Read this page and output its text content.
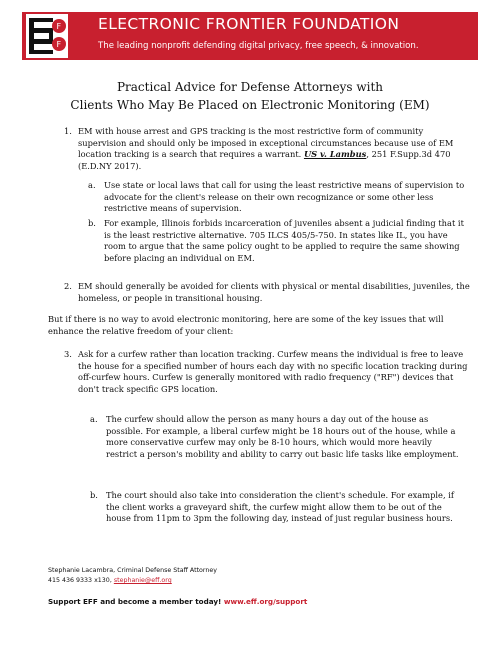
ELECTRONIC FRONTIER FOUNDATION
The leading nonprofit defending digital privacy, free speech, & innovation.
F
F
Practical Advice for Defense Attorneys with
Clients Who May Be Placed on Electronic Monitoring (EM)
1. EM with house arrest and GPS tracking is the most restrictive form of community supervision and should only be imposed in exceptional circumstances because use of EM location tracking is a search that requires a warrant. US v. Lambus, 251 F.Supp.3d 470 (E.D.NY 2017).
a. Use state or local laws that call for using the least restrictive means of supervision to advocate for the client's release on their own recognizance or some other less restrictive means of supervision.
b. For example, Illinois forbids incarceration of juveniles absent a judicial finding that it is the least restrictive alternative. 705 ILCS 405/5-750. In states like IL, you have room to argue that the same policy ought to be applied to require the same showing before placing an individual on EM.
2. EM should generally be avoided for clients with physical or mental disabilities, juveniles, the homeless, or people in transitional housing.
But if there is no way to avoid electronic monitoring, here are some of the key issues that will enhance the relative freedom of your client:
3. Ask for a curfew rather than location tracking. Curfew means the individual is free to leave the house for a specified number of hours each day with no specific location tracking during off-curfew hours. Curfew is generally monitored with radio frequency ("RF") devices that don't track specific GPS location.
a. The curfew should allow the person as many hours a day out of the house as possible. For example, a liberal curfew might be 18 hours out of the house, while a more conservative curfew may only be 8-10 hours, which would more heavily restrict a person's mobility and ability to carry out basic life tasks like employment.
b. The court should also take into consideration the client's schedule. For example, if the client works a graveyard shift, the curfew might allow them to be out of the house from 11pm to 3pm the following day, instead of just regular business hours.
Stephanie Lacambra, Criminal Defense Staff Attorney
415 436 9333 x130, stephanie@eff.org
Support EFF and become a member today! www.eff.org/support
